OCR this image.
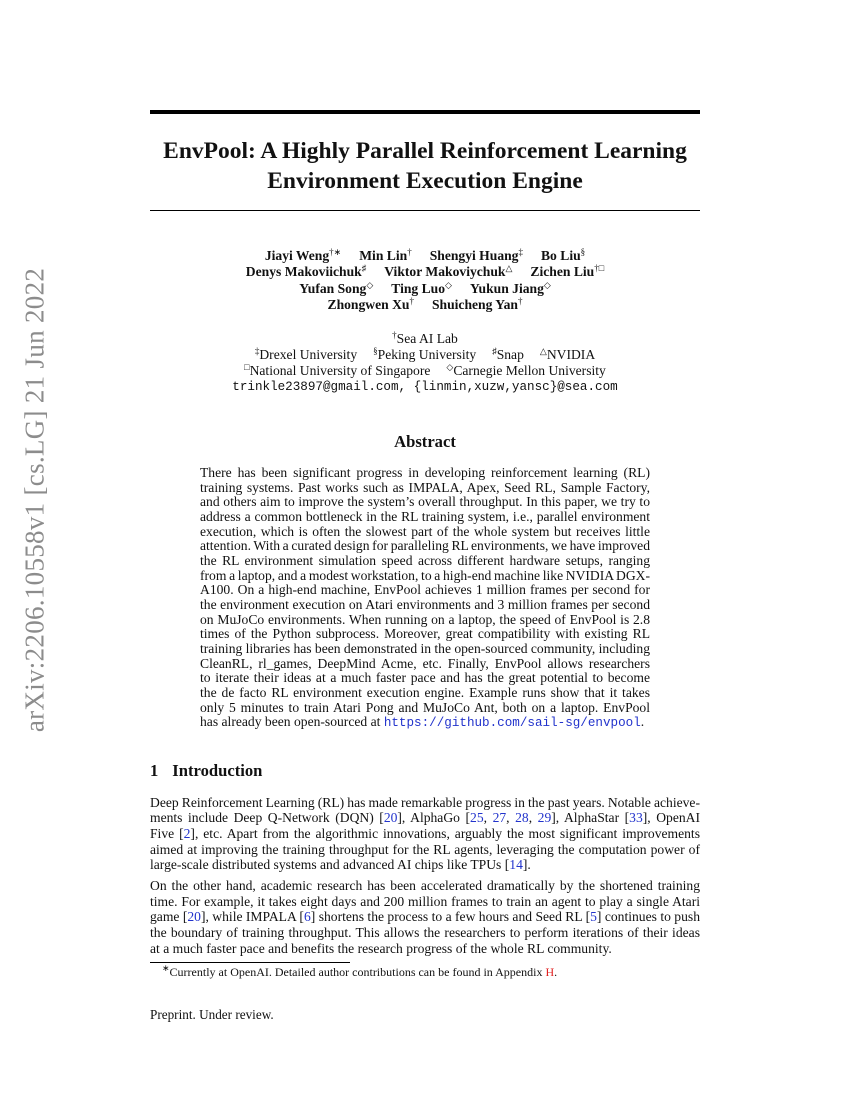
arXiv:2206.10558v1 [cs.LG] 21 Jun 2022
EnvPool: A Highly Parallel Reinforcement Learning
Environment Execution Engine
Jiayi Weng†∗ Min Lin† Shengyi Huang‡ Bo Liu§
Denys Makoviichuk♯ Viktor Makoviychuk△ Zichen Liu†□
Yufan Song◇ Ting Luo◇ Yukun Jiang◇
Zhongwen Xu† Shuicheng Yan†
†Sea AI Lab
‡Drexel University §Peking University ♯Snap △NVIDIA
□National University of Singapore ◇Carnegie Mellon University
trinkle23897@gmail.com, {linmin,xuzw,yansc}@sea.com
Abstract
There has been significant progress in developing reinforcement learning (RL)
training systems. Past works such as IMPALA, Apex, Seed RL, Sample Factory,
and others aim to improve the system’s overall throughput. In this paper, we try to
address a common bottleneck in the RL training system, i.e., parallel environment
execution, which is often the slowest part of the whole system but receives little
attention. With a curated design for paralleling RL environments, we have improved
the RL environment simulation speed across different hardware setups, ranging
from a laptop, and a modest workstation, to a high-end machine like NVIDIA DGX-
A100. On a high-end machine, EnvPool achieves 1 million frames per second for
the environment execution on Atari environments and 3 million frames per second
on MuJoCo environments. When running on a laptop, the speed of EnvPool is 2.8
times of the Python subprocess. Moreover, great compatibility with existing RL
training libraries has been demonstrated in the open-sourced community, including
CleanRL, rl_games, DeepMind Acme, etc. Finally, EnvPool allows researchers
to iterate their ideas at a much faster pace and has the great potential to become
the de facto RL environment execution engine. Example runs show that it takes
only 5 minutes to train Atari Pong and MuJoCo Ant, both on a laptop. EnvPool
has already been open-sourced at https://github.com/sail-sg/envpool.
1 Introduction
Deep Reinforcement Learning (RL) has made remarkable progress in the past years. Notable achieve-
ments include Deep Q-Network (DQN) [20], AlphaGo [25, 27, 28, 29], AlphaStar [33], OpenAI
Five [2], etc. Apart from the algorithmic innovations, arguably the most significant improvements
aimed at improving the training throughput for the RL agents, leveraging the computation power of
large-scale distributed systems and advanced AI chips like TPUs [14].
On the other hand, academic research has been accelerated dramatically by the shortened training
time. For example, it takes eight days and 200 million frames to train an agent to play a single Atari
game [20], while IMPALA [6] shortens the process to a few hours and Seed RL [5] continues to push
the boundary of training throughput. This allows the researchers to perform iterations of their ideas
at a much faster pace and benefits the research progress of the whole RL community.
∗Currently at OpenAI. Detailed author contributions can be found in Appendix H.
Preprint. Under review.
